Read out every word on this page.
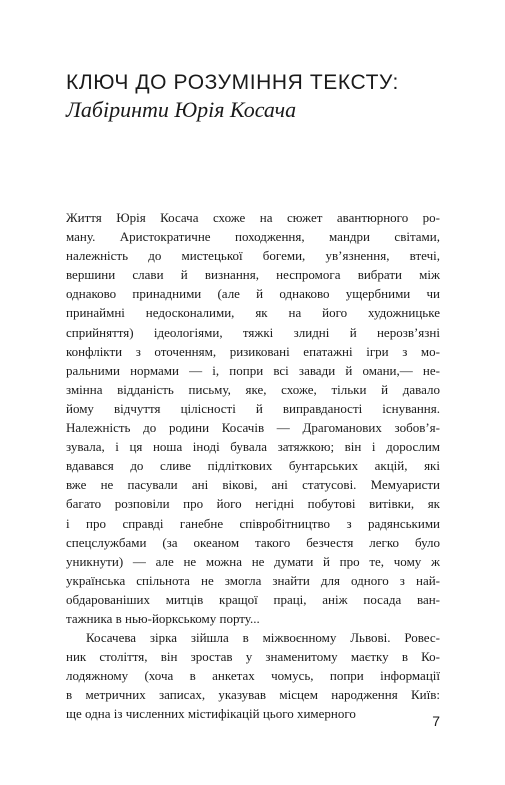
КЛЮЧ ДО РОЗУМІННЯ ТЕКСТУ:
Лабіринти Юрія Косача
Життя Юрія Косача схоже на сюжет авантюрного ро-
ману. Аристократичне походження, мандри світами,
належність до мистецької богеми, ув’язнення, втечі,
вершини слави й визнання, неспромога вибрати між
однаково принадними (але й однаково ущербними чи
принаймні недосконалими, як на його художницьке
сприйняття) ідеологіями, тяжкі злидні й нерозв’язні
конфлікти з оточенням, ризиковані епатажні ігри з мо-
ральними нормами — і, попри всі завади й омани,— не-
змінна відданість письму, яке, схоже, тільки й давало
йому відчуття цілісності й виправданості існування.
Належність до родини Косачів — Драгоманових зобов’я-
зувала, і ця ноша іноді бувала затяжкою; він і дорослим
вдавався до сливе підліткових бунтарських акцій, які
вже не пасували ані вікові, ані статусові. Мемуаристи
багато розповіли про його негідні побутові витівки, як
і про справді ганебне співробітництво з радянськими
спецслужбами (за океаном такого безчестя легко було
уникнути) — але не можна не думати й про те, чому ж
українська спільнота не змогла знайти для одного з най-
обдарованіших митців кращої праці, аніж посада ван-
тажника в нью-йоркському порту...
Косачева зірка зійшла в міжвоєнному Львові. Ровес-
ник століття, він зростав у знаменитому маєтку в Ко-
лодяжному (хоча в анкетах чомусь, попри інформації
в метричних записах, указував місцем народження Київ:
ще одна із численних містифікацій цього химерного	7
